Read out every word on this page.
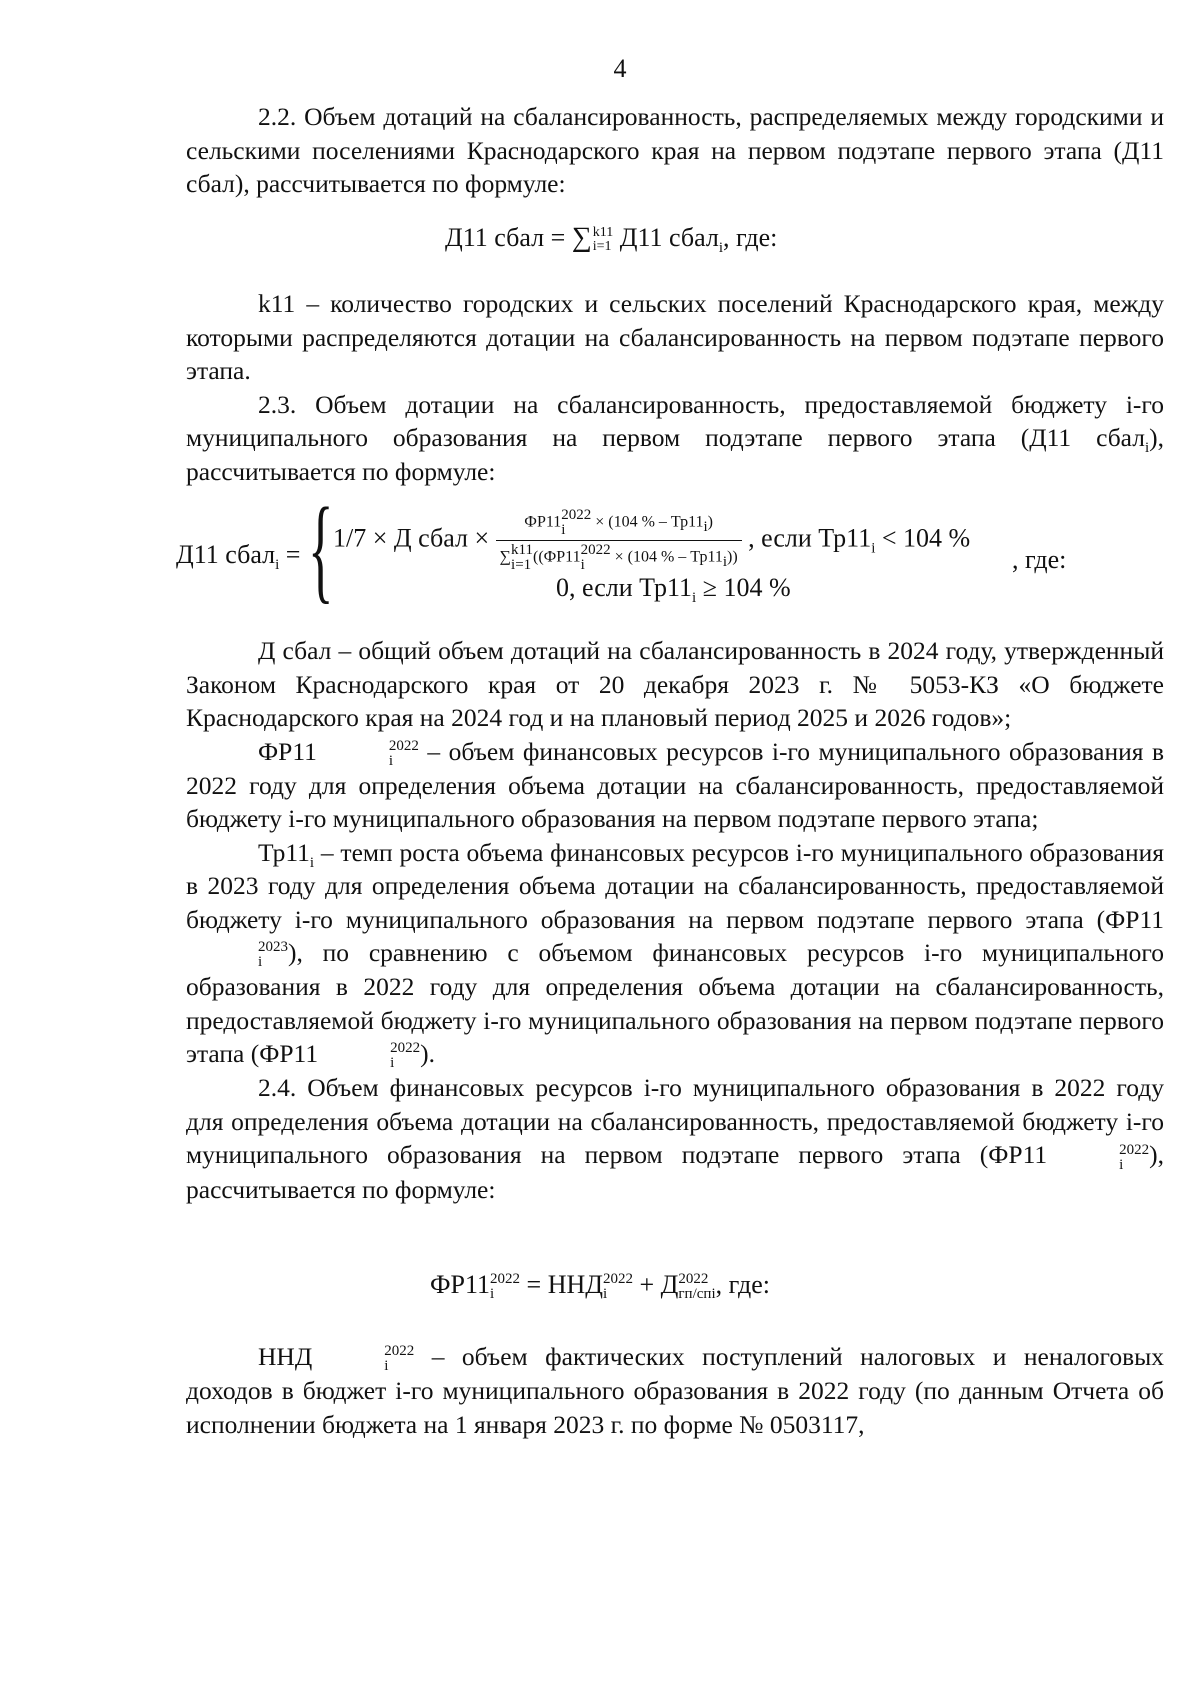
4

2.2. Объем дотаций на сбалансированность, распределяемых между городскими и сельскими поселениями Краснодарского края на первом подэтапе первого этапа (Д11 сбал), рассчитывается по формуле:

Д11 сбал = ∑ k11
i=1 Д11 сбал$_i$, где:

k11 – количество городских и сельских поселений Краснодарского края, между которыми распределяются дотации на сбалансированность на первом подэтапе первого этапа.

2.3. Объем дотации на сбалансированность, предоставляемой бюджету i-го муниципального образования на первом подэтапе первого этапа (Д11 сбал$_i$), рассчитывается по формуле:

Д11 сбал$_i$ = { 1/7 × Д сбал × ФР11 2022
i	× (104 % – $Тр11_i$)
∑ k11
i=1 ((ФР11 2022
i	× (104 % – $Тр11_i$)) , если $Тр11_i < 104$ %
0, если $Тр11_i \ge 104$ %
, где:

Д сбал – общий объем дотаций на сбалансированность в 2024 году, утвержденный Законом Краснодарского края от 20 декабря 2023 г. № 5053-КЗ «О бюджете Краснодарского края на 2024 год и на плановый период 2025 и 2026 годов»;

ФР11	2022
i	– объем финансовых ресурсов i-го муниципального образования в 2022 году для определения объема дотации на сбалансированность, предоставляемой бюджету i-го муниципального образования на первом подэтапе первого этапа;

$Тр11_i$ – темп роста объема финансовых ресурсов i-го муниципального образования в 2023 году для определения объема дотации на сбалансированность, предоставляемой бюджету i-го муниципального образования на первом подэтапе первого этапа (ФР11
2023
i	), по сравнению с объемом финансовых ресурсов i-го муниципального образования в 2022 году для определения объема дотации на сбалансированность, предоставляемой бюджету i-го муниципального образования на первом подэтапе первого этапа (ФР11	2022
i	).

2.4. Объем финансовых ресурсов i-го муниципального образования в 2022 году для определения объема дотации на сбалансированность, предоставляемой бюджету i-го муниципального образования на первом подэтапе первого этапа (ФР11	2022
i	), рассчитывается по формуле:

ФР11 2022
i = ННД 2022
i + Д 2022
гп/спi , где:

ННД	2022
i	– объем фактических поступлений налоговых и неналоговых доходов в бюджет i-го муниципального образования в 2022 году (по данным Отчета об исполнении бюджета на 1 января 2023 г. по форме № 0503117,
